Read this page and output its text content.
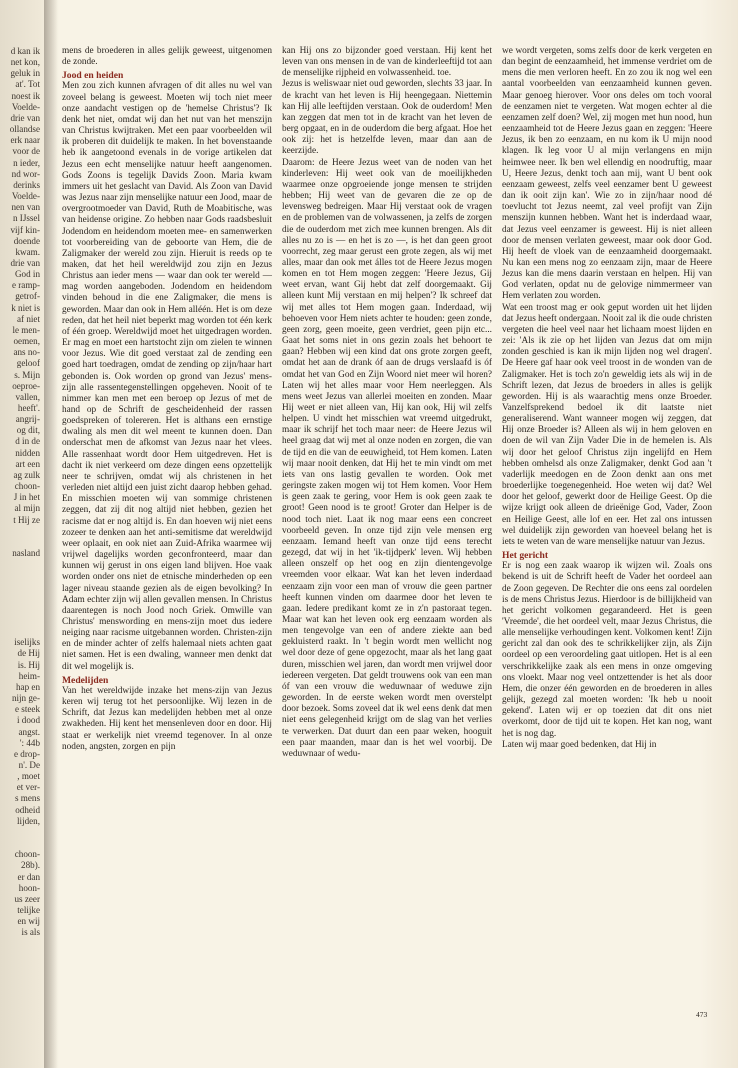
d kan ik
net kon,
geluk in
at'. Tot
noest ik
Voelde-
drie van
ollandse
erk naar
voor de
n ieder,
nd wor-
derinks
Voelde-
nen van
n IJssel
vijf kin-
doende
kwam.
drie van
God in
e ramp-
getrof-
k niet is
af niet
le men-
oemen,
ans no-
geloof
s. Mijn
oeproe-
vallen,
heeft'.
angrij-
og dit,
d in de
nidden
art een
ag zulk
choon-
J in het
al mijn
t Hij ze

nasland

iselijks
de Hij
is. Hij
heim-
hap en
nijn ge-
e steek
i dood
angst.
': 44b
e drop-
n'. De
, moet
et ver-
s mens
odheid
lijden,

choon-
28b).
er dan
hoon-
us zeer
telijke
en wij
is als

mens de broederen in alles gelijk geweest, uitgenomen de zonde.

Jood en heiden

Men zou zich kunnen afvragen of dit alles nu wel van zoveel belang is geweest. Moeten wij toch niet meer onze aandacht vestigen op de 'hemelse Christus'? Ik denk het niet, omdat wij dan het nut van het menszijn van Christus kwijtraken. Met een paar voorbeelden wil ik proberen dit duidelijk te maken. In het bovenstaande heb ik aangetoond evenals in de vorige artikelen dat Jezus een echt menselijke natuur heeft aangenomen. Gods Zoons is tegelijk Davids Zoon. Maria kwam immers uit het geslacht van David. Als Zoon van David was Jezus naar zijn menselijke natuur een Jood, maar de overgrootmoeder van David, Ruth de Moabitische, was van heidense origine. Zo hebben naar Gods raadsbesluit Jodendom en heidendom moeten mee- en samenwerken tot voorbereiding van de geboorte van Hem, die de Zaligmaker der wereld zou zijn. Hieruit is reeds op te maken, dat het heil wereldwijd zou zijn en Jezus Christus aan ieder mens — waar dan ook ter wereld — mag worden aangeboden. Jodendom en heidendom vinden behoud in die ene Zaligmaker, die mens is geworden. Maar dan ook in Hem alléén. Het is om deze reden, dat het heil niet beperkt mag worden tot één kerk of één groep. Wereldwijd moet het uitgedragen worden. Er mag en moet een hartstocht zijn om zielen te winnen voor Jezus. Wie dit goed verstaat zal de zending een goed hart toedragen, omdat de zending op zijn/haar hart gebonden is. Ook worden op grond van Jezus' mens-zijn alle rassentegenstellingen opgeheven. Nooit of te nimmer kan men met een beroep op Jezus of met de hand op de Schrift de gescheidenheid der rassen goedspreken of tolereren. Het is althans een ernstige dwaling als men dit wel meent te kunnen doen. Dan onderschat men de afkomst van Jezus naar het vlees. Alle rassenhaat wordt door Hem uitgedreven. Het is dacht ik niet verkeerd om deze dingen eens opzettelijk neer te schrijven, omdat wij als christenen in het verleden niet altijd een juist zicht daarop hebben gehad. En misschien moeten wij van sommige christenen zeggen, dat zij dit nog altijd niet hebben, gezien het racisme dat er nog altijd is. En dan hoeven wij niet eens zozeer te denken aan het anti-semitisme dat wereldwijd weer oplaait, en ook niet aan Zuid-Afrika waarmee wij vrijwel dagelijks worden geconfronteerd, maar dan kunnen wij gerust in ons eigen land blijven. Hoe vaak worden onder ons niet de etnische minderheden op een lager niveau staande gezien als de eigen bevolking? In Adam echter zijn wij allen gevallen mensen. In Christus daarentegen is noch Jood noch Griek. Omwille van Christus' menswording en mens-zijn moet dus iedere neiging naar racisme uitgebannen worden. Christen-zijn en de minder achter of zelfs halemaal niets achten gaat niet samen. Het is een dwaling, wanneer men denkt dat dit wel mogelijk is.

Medelijden

Van het wereldwijde inzake het mens-zijn van Jezus keren wij terug tot het persoonlijke. Wij lezen in de Schrift, dat Jezus kan medelijden hebben met al onze zwakheden. Hij kent het mensenleven door en door. Hij staat er werkelijk niet vreemd tegenover. In al onze noden, angsten, zorgen en pijn

kan Hij ons zo bijzonder goed verstaan. Hij kent het leven van ons mensen in de van de kinderleeftijd tot aan de menselijke rijpheid en volwassenheid. toe.

Jezus is weliswaar niet oud geworden, slechts 33 jaar. In de kracht van het leven is Hij heengegaan. Niettemin kan Hij alle leeftijden verstaan. Ook de ouderdom! Men kan zeggen dat men tot in de kracht van het leven de berg opgaat, en in de ouderdom die berg afgaat. Hoe het ook zij: het is hetzelfde leven, maar dan aan de keerzijde.

Daarom: de Heere Jezus weet van de noden van het kinderleven: Hij weet ook van de moeilijkheden waarmee onze opgroeiende jonge mensen te strijden hebben; Hij weet van de gevaren die ze op de levensweg bedreigen. Maar Hij verstaat ook de vragen en de problemen van de volwassenen, ja zelfs de zorgen die de ouderdom met zich mee kunnen brengen. Als dit alles nu zo is — en het is zo —, is het dan geen groot voorrecht, zeg maar gerust een grote zegen, als wij met alles, maar dan ook met álles tot de Heere Jezus mogen komen en tot Hem mogen zeggen: 'Heere Jezus, Gij weet ervan, want Gij hebt dat zelf doorgemaakt. Gij alleen kunt Mij verstaan en mij helpen'? Ik schreef dat wij met alles tot Hem mogen gaan. Inderdaad, wij behoeven voor Hem niets achter te houden: geen zonde, geen zorg, geen moeite, geen verdriet, geen pijn etc... Gaat het soms niet in ons gezin zoals het behoort te gaan? Hebben wij een kind dat ons grote zorgen geeft, omdat het aan de drank óf aan de drugs verslaafd is óf omdat het van God en Zijn Woord niet meer wil horen? Laten wij het alles maar voor Hem neerleggen. Als mens weet Jezus van allerlei moeiten en zonden. Maar Hij weet er niet alleen van, Hij kan ook, Hij wil zelfs helpen. U vindt het misschien wat vreemd uitgedrukt, maar ik schrijf het toch maar neer: de Heere Jezus wil heel graag dat wij met al onze noden en zorgen, die van de tijd en die van de eeuwigheid, tot Hem komen. Laten wij maar nooit denken, dat Hij het te min vindt om met iets van ons lastig gevallen te worden. Ook met geringste zaken mogen wij tot Hem komen. Voor Hem is geen zaak te gering, voor Hem is ook geen zaak te groot! Geen nood is te groot! Groter dan Helper is de nood toch niet. Laat ik nog maar eens een concreet voorbeeld geven. In onze tijd zijn vele mensen erg eenzaam. Iemand heeft van onze tijd eens terecht gezegd, dat wij in het 'ik-tijdperk' leven. Wij hebben alleen onszelf op het oog en zijn dientengevolge vreemden voor elkaar. Wat kan het leven inderdaad eenzaam zijn voor een man of vrouw die geen partner heeft kunnen vinden om daarmee door het leven te gaan. Iedere predikant komt ze in z'n pastoraat tegen. Maar wat kan het leven ook erg eenzaam worden als men tengevolge van een of andere ziekte aan bed gekluisterd raakt. In 't begin wordt men wellicht nog wel door deze of gene opgezocht, maar als het lang gaat duren, misschien wel jaren, dan wordt men vrijwel door iedereen vergeten. Dat geldt trouwens ook van een man óf van een vrouw die weduwnaar of weduwe zijn geworden. In de eerste weken wordt men overstelpt door bezoek. Soms zoveel dat ik wel eens denk dat men niet eens gelegenheid krijgt om de slag van het verlies te verwerken. Dat duurt dan een paar weken, hooguit een paar maanden, maar dan is het wel voorbij. De weduwnaar of wedu-

we wordt vergeten, soms zelfs door de kerk vergeten en dan begint de eenzaamheid, het immense verdriet om de mens die men verloren heeft. En zo zou ik nog wel een aantal voorbeelden van eenzaamheid kunnen geven. Maar genoeg hierover. Voor ons deles om toch vooral de eenzamen niet te vergeten. Wat mogen echter al die eenzamen zelf doen? Wel, zij mogen met hun nood, hun eenzaamheid tot de Heere Jezus gaan en zeggen: 'Heere Jezus, ik ben zo eenzaam, en nu kom ik U mijn nood klagen. Ik leg voor U al mijn verlangens en mijn heimwee neer. Ik ben wel ellendig en noodruftig, maar U, Heere Jezus, denkt toch aan mij, want U bent ook eenzaam geweest, zelfs veel eenzamer bent U geweest dan ik ooit zijn kan'. Wie zo in zijn/haar nood dé toevlucht tot Jezus neemt, zal veel profijt van Zijn menszijn kunnen hebben. Want het is inderdaad waar, dat Jezus veel eenzamer is geweest. Hij is niet alleen door de mensen verlaten geweest, maar ook door God. Hij heeft de vloek van de eenzaamheid doorgemaakt. Nu kan een mens nog zo eenzaam zijn, maar de Heere Jezus kan die mens daarin verstaan en helpen. Hij van God verlaten, opdat nu de gelovige nimmermeer van Hem verlaten zou worden.

Wat een troost mag er ook geput worden uit het lijden dat Jezus heeft ondergaan. Nooit zal ik die oude christen vergeten die heel veel naar het lichaam moest lijden en zei: 'Als ik zie op het lijden van Jezus dat om mijn zonden geschied is kan ik mijn lijden nog wel dragen'. De Heere gaf haar ook veel troost in de wonden van de Zaligmaker. Het is toch zo'n geweldig iets als wij in de Schrift lezen, dat Jezus de broeders in alles is gelijk geworden. Hij is als waarachtig mens onze Broeder. Vanzelfsprekend bedoel ik dit laatste niet generaliserend. Want wanneer mogen wij zeggen, dat Hij onze Broeder is? Alleen als wij in hem geloven en doen de wil van Zijn Vader Die in de hemelen is. Als wij door het geloof Christus zijn ingelijfd en Hem hebben omhelsd als onze Zaligmaker, denkt God aan 't vaderlijk meedogen en de Zoon denkt aan ons met broederlijke toegenegenheid. Hoe weten wij dat? Wel door het geloof, gewerkt door de Heilige Geest. Op die wijze krijgt ook alleen de drieënige God, Vader, Zoon en Heilige Geest, alle lof en eer. Het zal ons intussen wel duidelijk zijn geworden van hoeveel belang het is iets te weten van de ware menselijke natuur van Jezus.

Het gericht

Er is nog een zaak waarop ik wijzen wil. Zoals ons bekend is uit de Schrift heeft de Vader het oordeel aan de Zoon gegeven. De Rechter die ons eens zal oordelen is de mens Christus Jezus. Hierdoor is de billijkheid van het gericht volkomen gegarandeerd. Het is geen 'Vreemde', die het oordeel velt, maar Jezus Christus, die alle menselijke verhoudingen kent. Volkomen kent! Zijn gericht zal dan ook des te schrikkelijker zijn, als Zijn oordeel op een veroordeling gaat uitlopen. Het is al een verschrikkelijke zaak als een mens in onze omgeving ons vloekt. Maar nog veel ontzettender is het als door Hem, die onzer één geworden en de broederen in alles gelijk, gezegd zal moeten worden: 'Ik heb u nooit gekend'. Laten wij er op toezien dat dit ons niet overkomt, door de tijd uit te kopen. Het kan nog, want het is nog dag.

Laten wij maar goed bedenken, dat Hij in

473
